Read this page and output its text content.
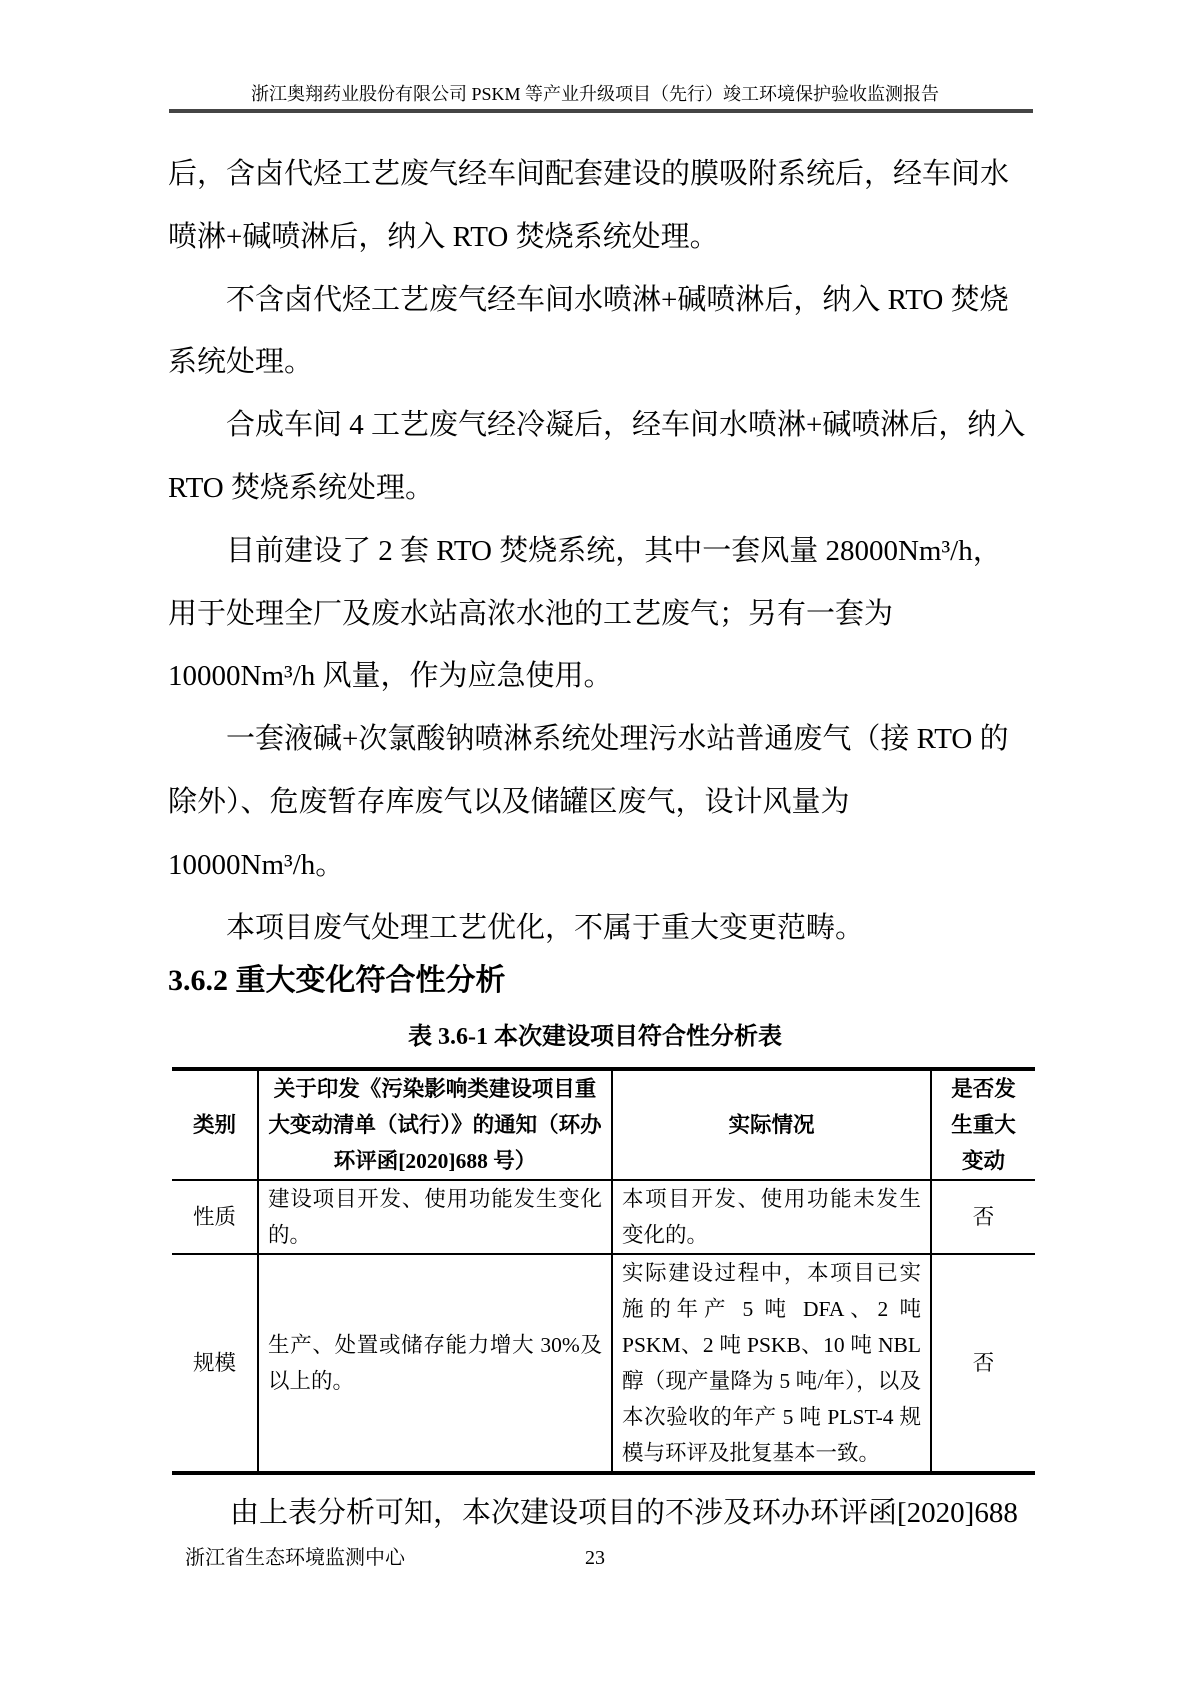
浙江奥翔药业股份有限公司 PSKM 等产业升级项目（先行）竣工环境保护验收监测报告
后，含卤代烃工艺废气经车间配套建设的膜吸附系统后，经车间水
喷淋+碱喷淋后，纳入 RTO 焚烧系统处理。
不含卤代烃工艺废气经车间水喷淋+碱喷淋后，纳入 RTO 焚烧
系统处理。
合成车间 4 工艺废气经冷凝后，经车间水喷淋+碱喷淋后，纳入
RTO 焚烧系统处理。
目前建设了 2 套 RTO 焚烧系统，其中一套风量 28000Nm³/h，
用于处理全厂及废水站高浓水池的工艺废气；另有一套为
10000Nm³/h 风量，作为应急使用。
一套液碱+次氯酸钠喷淋系统处理污水站普通废气（接 RTO 的
除外）、危废暂存库废气以及储罐区废气，设计风量为
10000Nm³/h。
本项目废气处理工艺优化，不属于重大变更范畴。
3.6.2 重大变化符合性分析
表 3.6-1 本次建设项目符合性分析表
类别	关于印发《污染影响类建设项目重大变动清单（试行）》的通知（环办环评函[2020]688 号）	实际情况	是否发生重大变动
性质	建设项目开发、使用功能发生变化的。	本项目开发、使用功能未发生变化的。	否
规模	生产、处置或储存能力增大 30%及以上的。	实际建设过程中，本项目已实施的年产 5 吨 DFA、2 吨 PSKM、2 吨 PSKB、10 吨 NBL 醇（现产量降为 5 吨/年），以及本次验收的年产 5 吨 PLST-4 规模与环评及批复基本一致。	否
由上表分析可知，本次建设项目的不涉及环办环评函[2020]688
浙江省生态环境监测中心	23
